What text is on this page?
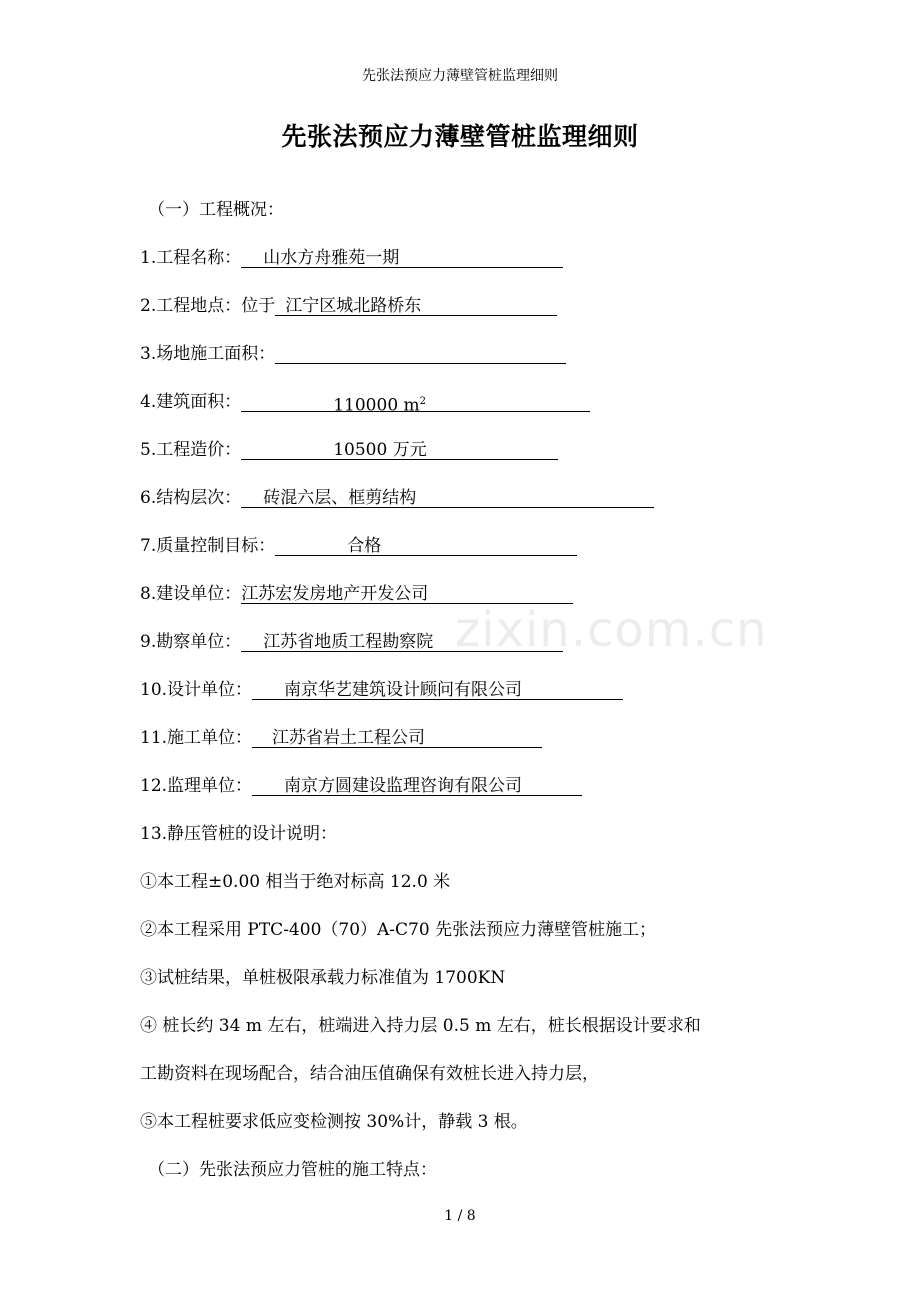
先张法预应力薄壁管桩监理细则
先张法预应力薄壁管桩监理细则
（一）工程概况：
1.工程名称： 山水方舟雅苑一期
2.工程地点：位于 江宁区城北路桥东
3.场地施工面积：
4.建筑面积：	110000 $m^2$
5.工程造价：	10500 万元
6.结构层次： 砖混六层、框剪结构
7.质量控制目标：	合格
8.建设单位：江苏宏发房地产开发公司
9.勘察单位： 江苏省地质工程勘察院
10.设计单位： 南京华艺建筑设计顾问有限公司
11.施工单位： 江苏省岩土工程公司
12.监理单位： 南京方圆建设监理咨询有限公司
13.静压管桩的设计说明：
①本工程±0.00 相当于绝对标高 12.0 米
②本工程采用 PTC-400（70）A-C70 先张法预应力薄壁管桩施工；
③试桩结果，单桩极限承载力标准值为 1700KN
④ 桩长约 34 m 左右，桩端进入持力层 0.5 m 左右，桩长根据设计要求和
工勘资料在现场配合，结合油压值确保有效桩长进入持力层，
⑤本工程桩要求低应变检测按 30%计，静载 3 根。
（二）先张法预应力管桩的施工特点：
zixin.com.cn
1 / 8
